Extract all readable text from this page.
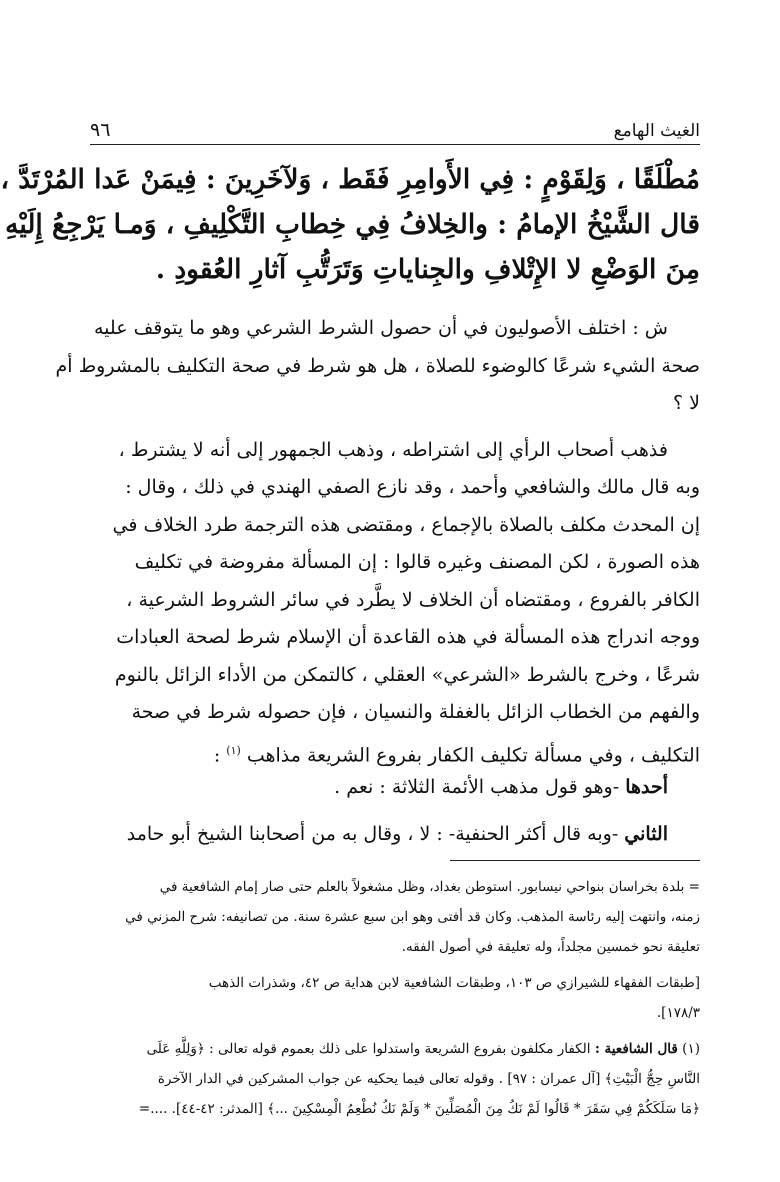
الغيث الهامع
٩٦
مُطْلَقًا ، وَلِقَوْمٍ : فِي الأَوامِرِ فَقَط ، وَلآخَرِينَ : فِيمَنْ عَدا المُرْتَدَّ ،
قال الشَّيْخُ الإمامُ : والخِلافُ فِي خِطابِ التَّكْلِيفِ ، وَمـا يَرْجِعُ إِلَيْهِ
مِنَ الوَضْعِ لا الإِتْلافِ والجِناياتِ وَتَرَتُّبِ آثارِ العُقودِ .
ش : اختلف الأصوليون في أن حصول الشرط الشرعي وهو ما يتوقف عليه
صحة الشيء شرعًا كالوضوء للصلاة ، هل هو شرط في صحة التكليف بالمشروط أم
لا ؟
فذهب أصحاب الرأي إلى اشتراطه ، وذهب الجمهور إلى أنه لا يشترط ،
وبه قال مالك والشافعي وأحمد ، وقد نازع الصفي الهندي في ذلك ، وقال :
إن المحدث مكلف بالصلاة بالإجماع ، ومقتضى هذه الترجمة طرد الخلاف في
هذه الصورة ، لكن المصنف وغيره قالوا : إن المسألة مفروضة في تكليف
الكافر بالفروع ، ومقتضاه أن الخلاف لا يطَّرد في سائر الشروط الشرعية ،
ووجه اندراج هذه المسألة في هذه القاعدة أن الإسلام شرط لصحة العبادات
شرعًا ، وخرج بالشرط «الشرعي» العقلي ، كالتمكن من الأداء الزائل بالنوم
والفهم من الخطاب الزائل بالغفلة والنسيان ، فإن حصوله شرط في صحة
التكليف ، وفي مسألة تكليف الكفار بفروع الشريعة مذاهب $^{(١)}$ :
أحدها -وهو قول مذهب الأئمة الثلاثة : نعم .
الثاني -وبه قال أكثر الحنفية- : لا ، وقال به من أصحابنا الشيخ أبو حامد
= بلدة بخراسان بنواحي نيسابور. استوطن بغداد، وظل مشغولاً بالعلم حتى صار إمام الشافعية في
زمنه، وانتهت إليه رئاسة المذهب. وكان قد أفتى وهو ابن سبع عشرة سنة. من تصانيفه: شرح المزني في
تعليقة نحو خمسين مجلداً، وله تعليقة في أصول الفقه.
[طبقات الفقهاء للشيرازي ص ١٠٣، وطبقات الشافعية لابن هداية ص ٤٢، وشذرات الذهب
١٧٨/٣].
(١) قال الشافعية : الكفار مكلفون بفروع الشريعة واستدلوا على ذلك بعموم قوله تعالى : ﴿وَلِلَّهِ عَلَى
النَّاسِ حِجُّ الْبَيْتِ﴾ [آل عمران : ٩٧] . وقوله تعالى فيما يحكيه عن جواب المشركين في الدار الآخرة
﴿مَا سَلَكَكُمْ فِي سَقَرَ * قَالُوا لَمْ نَكُ مِنَ الْمُصَلِّينَ * وَلَمْ نَكُ نُطْعِمُ الْمِسْكِينَ ...﴾ [المدثر: ٤٢-٤٤]. ....=
